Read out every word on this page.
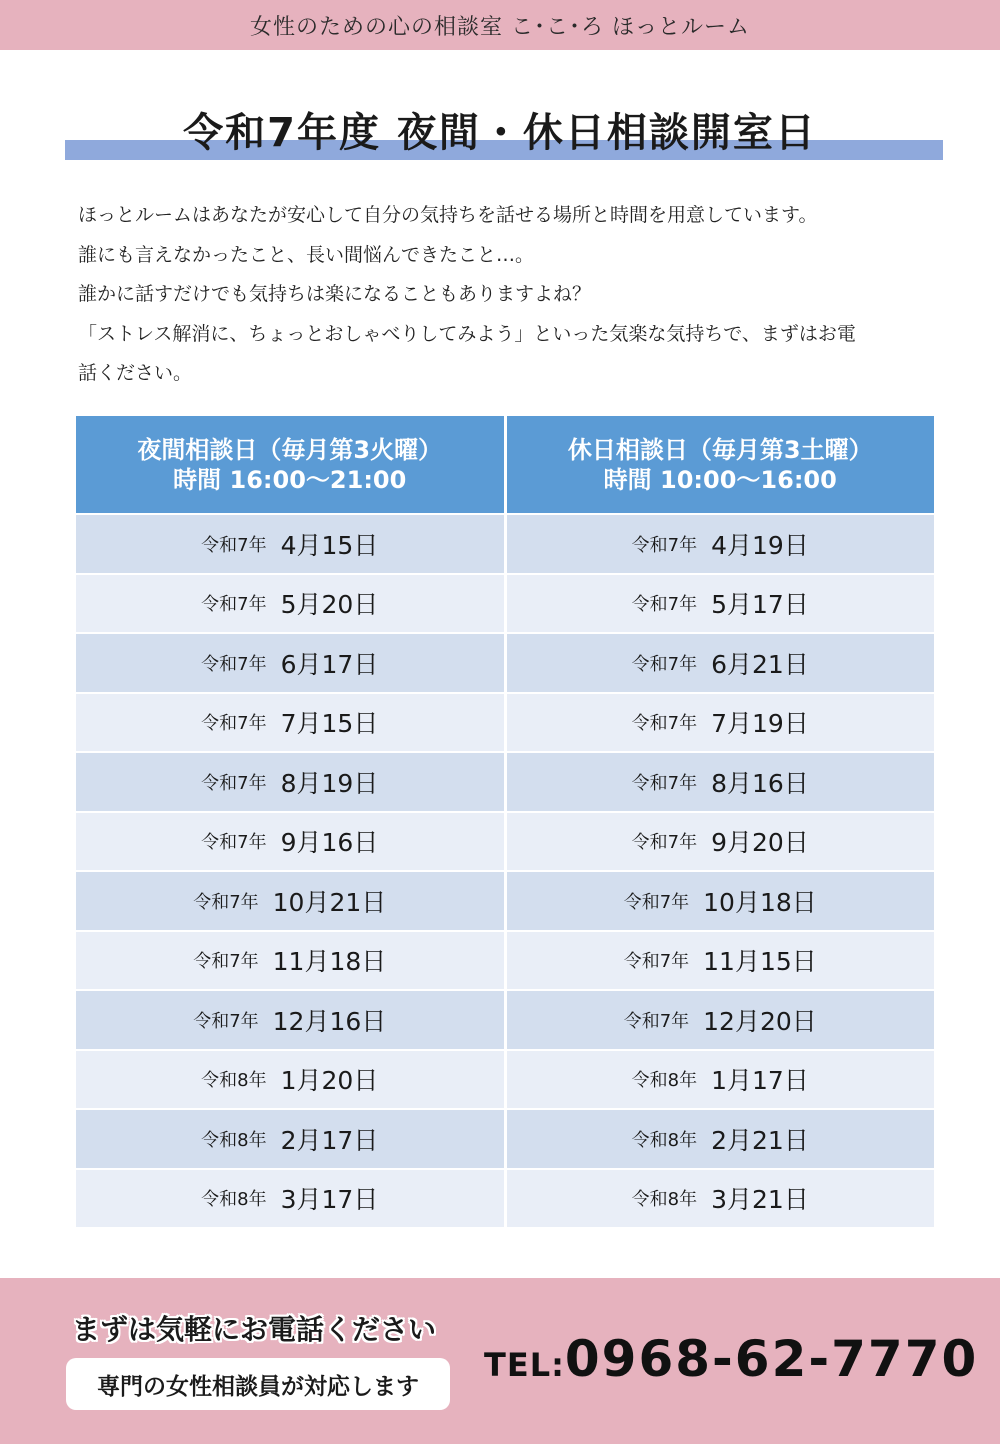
女性のための心の相談室 こ･こ･ろ ほっとルーム
令和7年度 夜間・休日相談開室日

ほっとルームはあなたが安心して自分の気持ちを話せる場所と時間を用意しています。

誰にも言えなかったこと、長い間悩んできたこと…。

誰かに話すだけでも気持ちは楽になることもありますよね？

「ストレス解消に、ちょっとおしゃべりしてみよう」といった気楽な気持ちで、まずはお電

話ください。

夜間相談日（毎月第3火曜）
時間 16:00〜21:00
休日相談日（毎月第3土曜）
時間 10:00〜16:00
令和7年 4月15日	令和7年 4月19日
令和7年 5月20日	令和7年 5月17日
令和7年 6月17日	令和7年 6月21日
令和7年 7月15日	令和7年 7月19日
令和7年 8月19日	令和7年 8月16日
令和7年 9月16日	令和7年 9月20日
令和7年 10月21日	令和7年 10月18日
令和7年 11月18日	令和7年 11月15日
令和7年 12月16日	令和7年 12月20日
令和8年 1月20日	令和8年 1月17日
令和8年 2月17日	令和8年 2月21日
令和8年 3月17日	令和8年 3月21日
まずは気軽にお電話ください
専門の女性相談員が対応します
TEL:0968-62-7770
